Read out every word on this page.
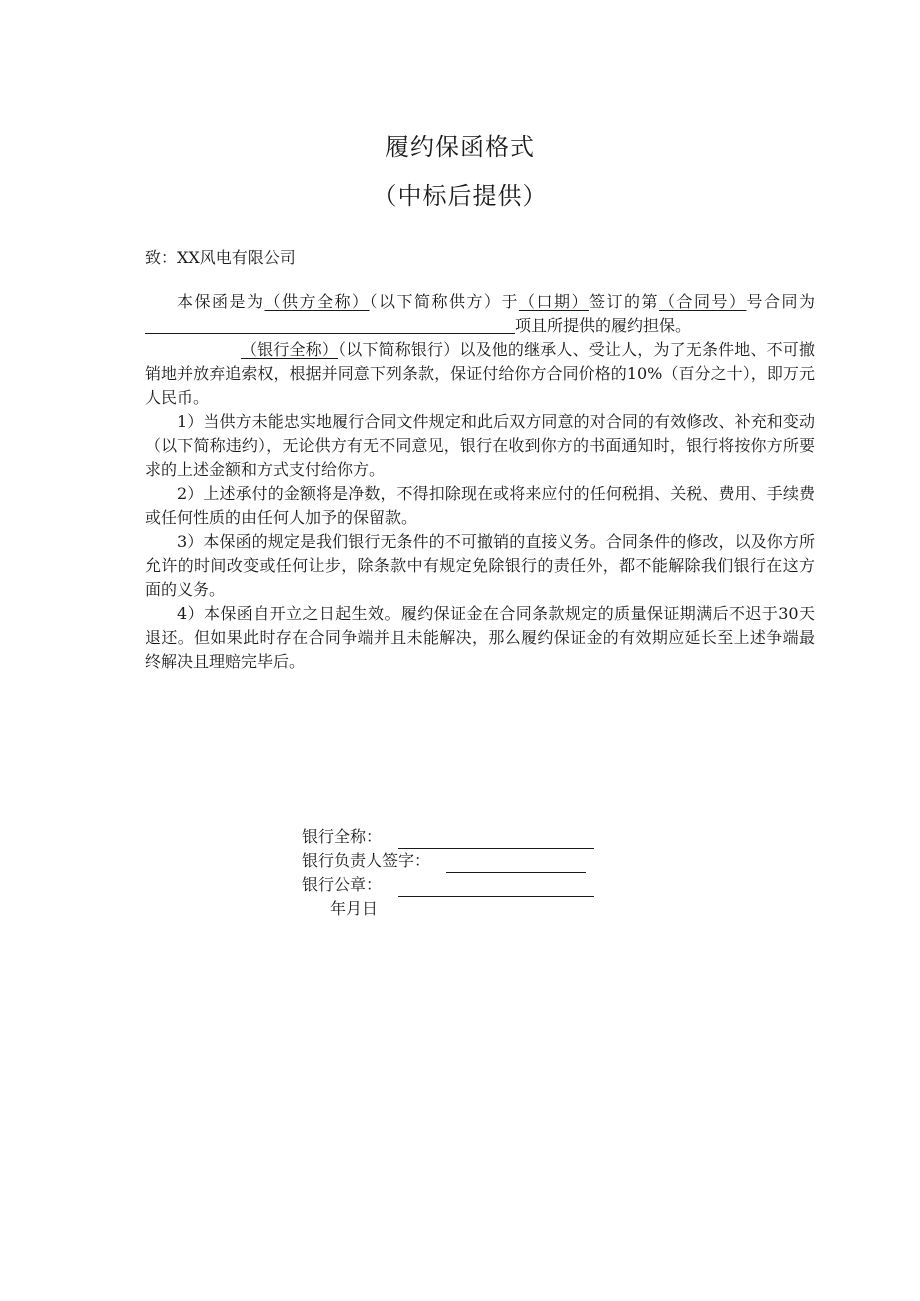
履约保函格式
（中标后提供）
致：XX风电有限公司

本保函是为（供方全称）（以下简称供方）于（口期）签订的第（合同号）号合同为项且所提供的履约担保。

（银行全称）（以下简称银行）以及他的继承人、受让人，为了无条件地、不可撤销地并放弃追索权，根据并同意下列条款，保证付给你方合同价格的10%（百分之十），即万元人民币。

1）当供方未能忠实地履行合同文件规定和此后双方同意的对合同的有效修改、补充和变动（以下简称违约），无论供方有无不同意见，银行在收到你方的书面通知时，银行将按你方所要求的上述金额和方式支付给你方。

2）上述承付的金额将是净数，不得扣除现在或将来应付的任何税捐、关税、费用、手续费或任何性质的由任何人加予的保留款。

3）本保函的规定是我们银行无条件的不可撤销的直接义务。合同条件的修改，以及你方所允许的时间改变或任何让步，除条款中有规定免除银行的责任外，都不能解除我们银行在这方面的义务。

4）本保函自开立之日起生效。履约保证金在合同条款规定的质量保证期满后不迟于30天退还。但如果此时存在合同争端并且未能解决，那么履约保证金的有效期应延长至上述争端最终解决且理赔完毕后。

银行全称：
银行负责人签字：
银行公章：
年月日
